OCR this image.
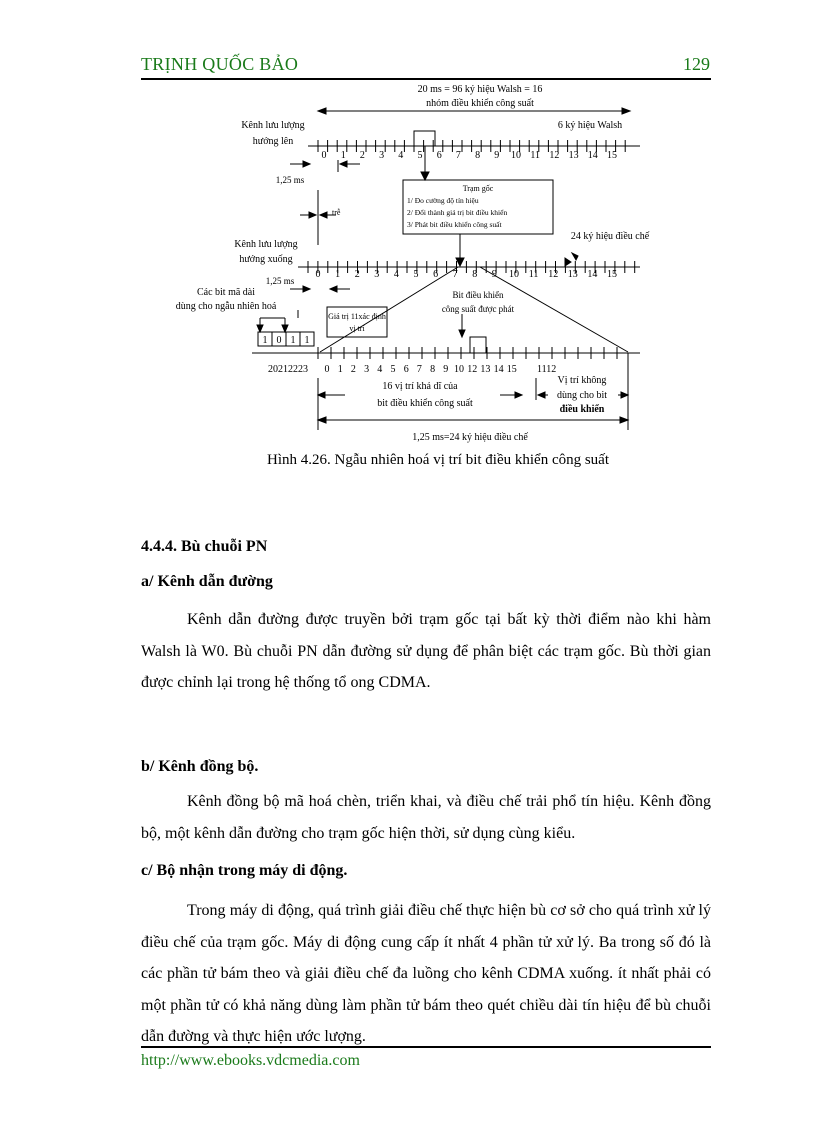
TRỊNH QUỐC BẢO	129
20 ms = 96 ký hiệu Walsh = 16
nhóm điều khiển công suất
Kênh lưu lượng
hướng lên
6 ký hiệu Walsh
1,25 ms
Trạm gốc
1/ Đo cường độ tín hiệu
2/ Đổi thành giá trị bit điều khiển
3/ Phát bit điều khiển công suất
trễ
24 ký hiệu điều chế
Kênh lưu lượng
hướng xuống
1,25 ms
Các bit mã dài
dùng cho ngẫu nhiên hoá
Bit điều khiển
công suất được phát
Giá trị 11xác định
vị trí
1 0 1 1
20212223	1112
16 vị trí khả dĩ của
bit điều khiển công suất
Vị trí không
dùng cho bit
điều khiển
1,25 ms=24 ký hiệu điều chế
0 1 2 3 4 5 6 7 8 9 10 11 12 13 14 15
0 1 2 3 4 5 6 7 8 9 10 11 12 13 14 15
0 1 2 3 4 5 6 7 8 9 10 12 13 14 15
Hình 4.26. Ngẫu nhiên hoá vị trí bit điều khiển công suất
4.4.4. Bù chuỗi PN
a/ Kênh dẫn đường

Kênh dẫn đường được truyền bởi trạm gốc tại bất kỳ thời điểm nào khi hàm Walsh là W0. Bù chuỗi PN dẫn đường sử dụng để phân biệt các trạm gốc. Bù thời gian được chỉnh lại trong hệ thống tổ ong CDMA.

b/ Kênh đồng bộ.

Kênh đồng bộ mã hoá chèn, triển khai, và điều chế trải phổ tín hiệu. Kênh đồng bộ, một kênh dẫn đường cho trạm gốc hiện thời, sử dụng cùng kiểu.

c/ Bộ nhận trong máy di động.

Trong máy di động, quá trình giải điều chế thực hiện bù cơ sở cho quá trình xử lý điều chế của trạm gốc. Máy di động cung cấp ít nhất 4 phần tử xử lý. Ba trong số đó là các phần tử bám theo và giải điều chế đa luồng cho kênh CDMA xuống. ít nhất phải có một phần tử có khả năng dùng làm phần tử bám theo quét chiều dài tín hiệu để bù chuỗi dẫn đường và thực hiện ước lượng.

http://www.ebooks.vdcmedia.com
